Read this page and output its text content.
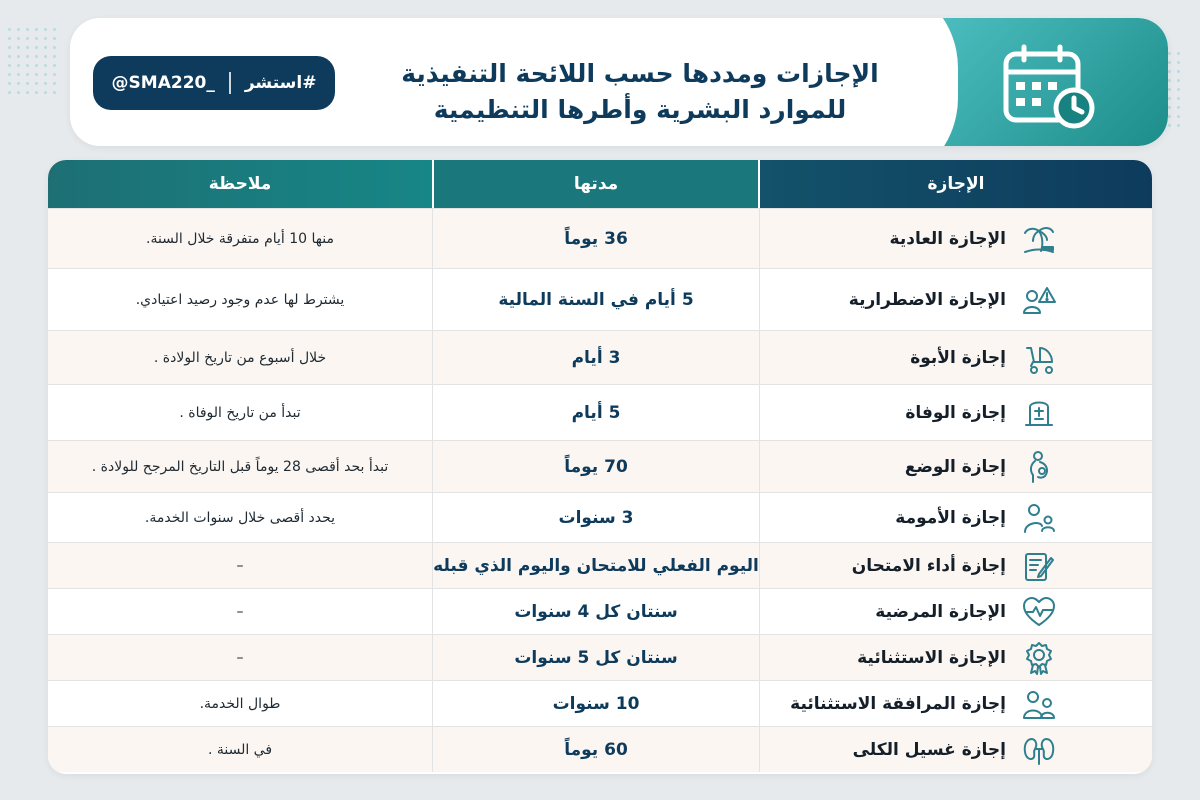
الإجازات ومددها حسب اللائحة التنفيذية
للموارد البشرية وأطرها التنظيمية
#استشر
@SMA220_
ملاحظة	مدتها	الإجازة
منها 10 أيام متفرقة خلال السنة.	36 يوماً	الإجازة العادية
يشترط لها عدم وجود رصيد اعتيادي.	5 أيام في السنة المالية	الإجازة الاضطرارية
خلال أسبوع من تاريخ الولادة .	3 أيام	إجازة الأبوة
تبدأ من تاريخ الوفاة .	5 أيام	إجازة الوفاة
تبدأ بحد أقصى 28 يوماً قبل التاريخ المرجح للولادة .	70 يوماً	إجازة الوضع
يحدد أقصى خلال سنوات الخدمة.	3 سنوات	إجازة الأمومة
–	اليوم الفعلي للامتحان واليوم الذي قبله	إجازة أداء الامتحان
–	سنتان كل 4 سنوات	الإجازة المرضية
–	سنتان كل 5 سنوات	الإجازة الاستثنائية
طوال الخدمة.	10 سنوات	إجازة المرافقة الاستثنائية
في السنة .	60 يوماً	إجازة غسيل الكلى
